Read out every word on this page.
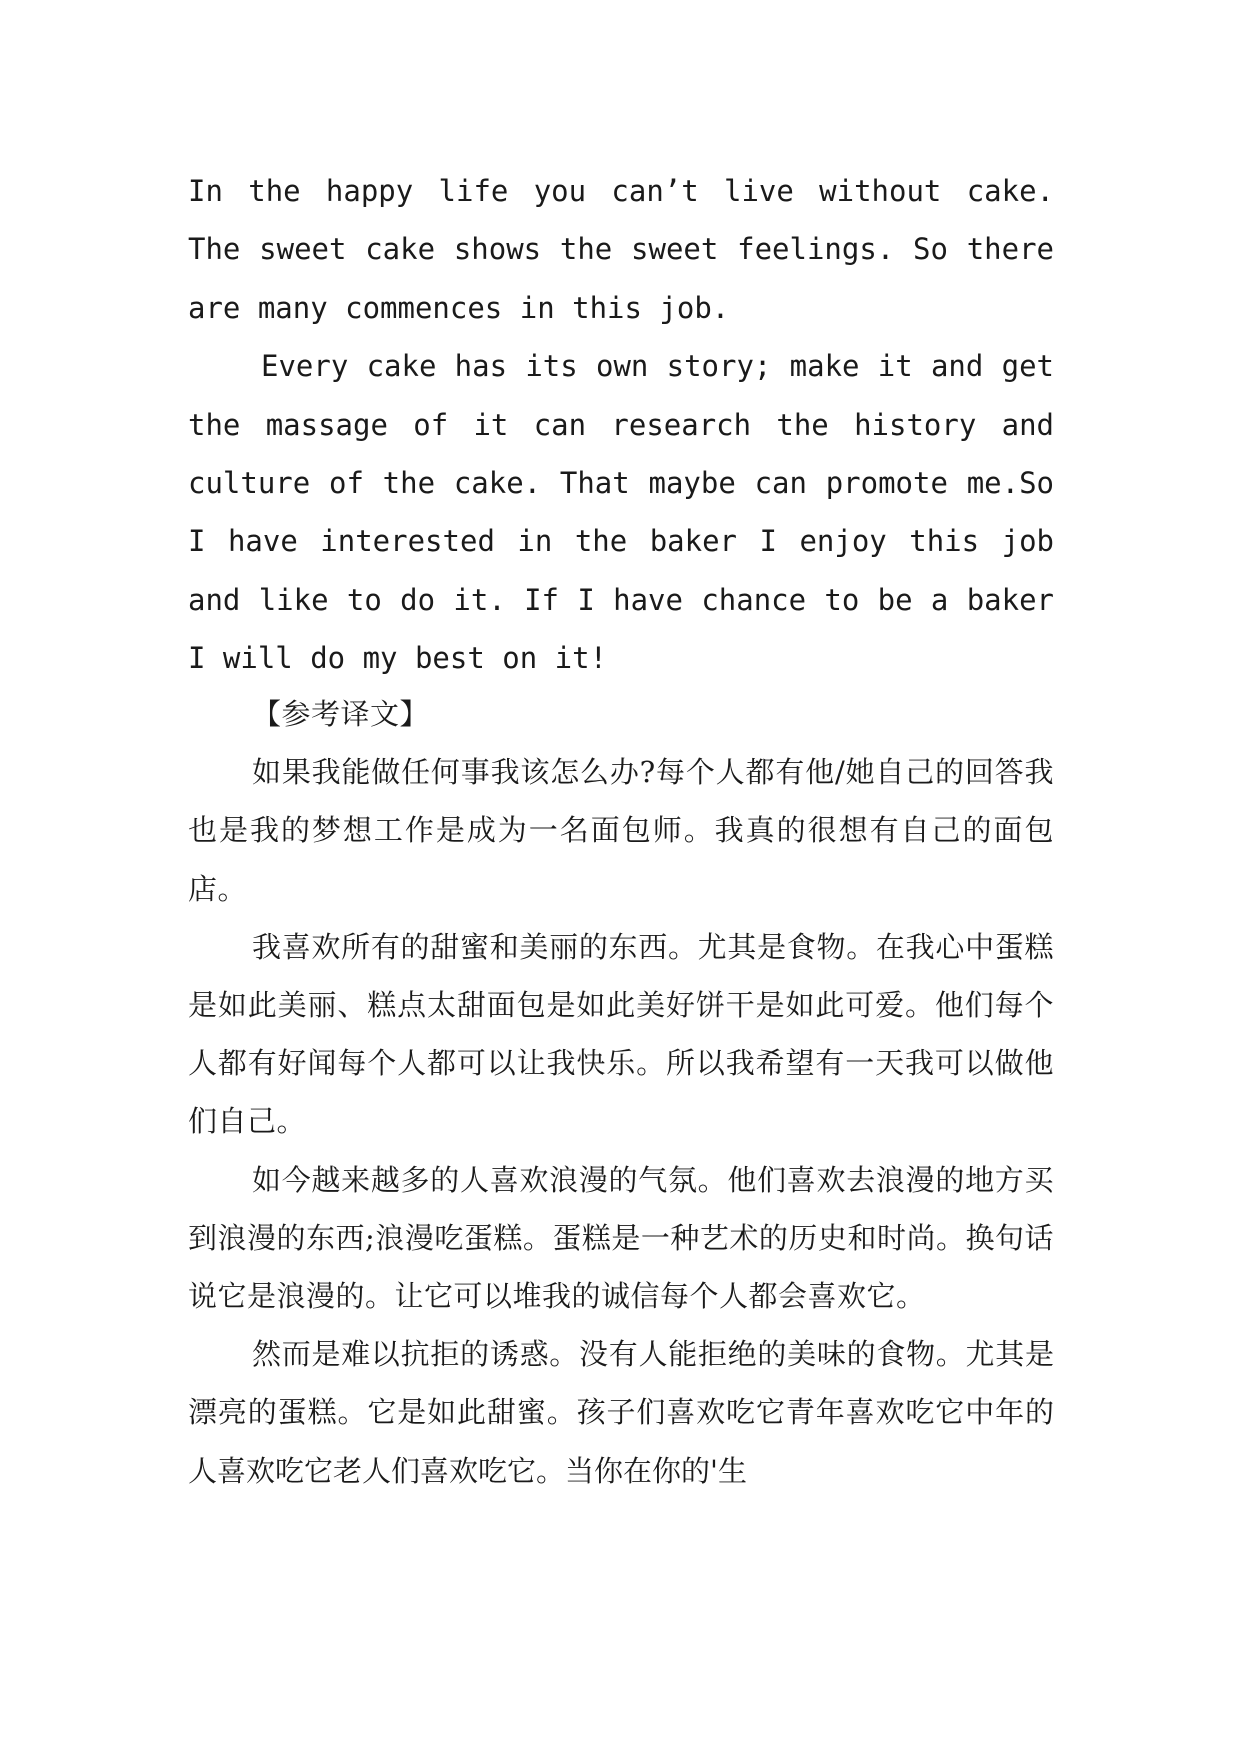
In the happy life you can’t live without cake. The sweet cake shows the sweet feelings. So there are many commences in this job.

Every cake has its own story; make it and get the massage of it can research the history and culture of the cake. That maybe can promote me.So I have interested in the baker I enjoy this job and like to do it. If I have chance to be a baker I will do my best on it!

【参考译文】

如果我能做任何事我该怎么办?每个人都有他/她自己的回答我也是我的梦想工作是成为一名面包师。我真的很想有自己的面包店。

我喜欢所有的甜蜜和美丽的东西。尤其是食物。在我心中蛋糕是如此美丽、糕点太甜面包是如此美好饼干是如此可爱。他们每个人都有好闻每个人都可以让我快乐。所以我希望有一天我可以做他们自己。

如今越来越多的人喜欢浪漫的气氛。他们喜欢去浪漫的地方买到浪漫的东西;浪漫吃蛋糕。蛋糕是一种艺术的历史和时尚。换句话说它是浪漫的。让它可以堆我的诚信每个人都会喜欢它。

然而是难以抗拒的诱惑。没有人能拒绝的美味的食物。尤其是漂亮的蛋糕。它是如此甜蜜。孩子们喜欢吃它青年喜欢吃它中年的人喜欢吃它老人们喜欢吃它。当你在你的'生
